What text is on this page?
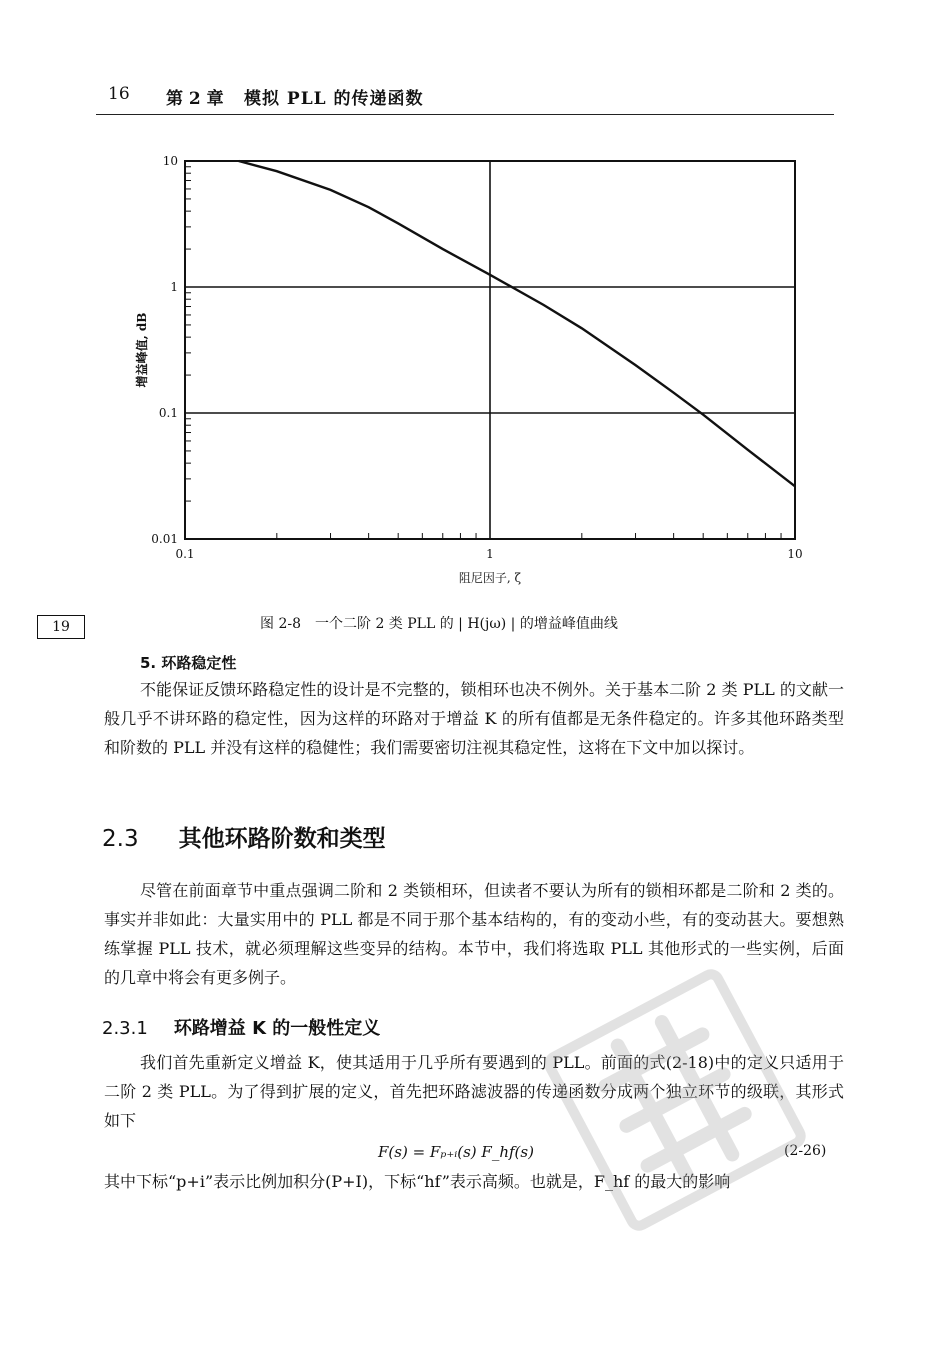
16 第 2 章 模拟 PLL 的传递函数
0.1	1	10
10
1
0.1
0.01
阻尼因子, ζ
增益峰值, dB
19	图 2-8　一个二阶 2 类 PLL 的 | H(jω) | 的增益峰值曲线
5. 环路稳定性
不能保证反馈环路稳定性的设计是不完整的，锁相环也决不例外。关于基本二阶 2 类 PLL 的文献一般几乎不讲环路的稳定性，因为这样的环路对于增益 K 的所有值都是无条件稳定的。许多其他环路类型和阶数的 PLL 并没有这样的稳健性；我们需要密切注视其稳定性，这将在下文中加以探讨。
2.3 其他环路阶数和类型
尽管在前面章节中重点强调二阶和 2 类锁相环，但读者不要认为所有的锁相环都是二阶和 2 类的。事实并非如此：大量实用中的 PLL 都是不同于那个基本结构的，有的变动小些，有的变动甚大。要想熟练掌握 PLL 技术，就必须理解这些变异的结构。本节中，我们将选取 PLL 其他形式的一些实例，后面的几章中将会有更多例子。
2.3.1 环路增益 K 的一般性定义
我们首先重新定义增益 K，使其适用于几乎所有要遇到的 PLL。前面的式(2-18)中的定义只适用于二阶 2 类 PLL。为了得到扩展的定义，首先把环路滤波器的传递函数分成两个独立环节的级联，其形式如下
F(s) = Fₚ₊ᵢ(s) F_hf(s)	(2-26)
其中下标“p+i”表示比例加积分(P+I)，下标“hf”表示高频。也就是，F_hf 的最大的影响
